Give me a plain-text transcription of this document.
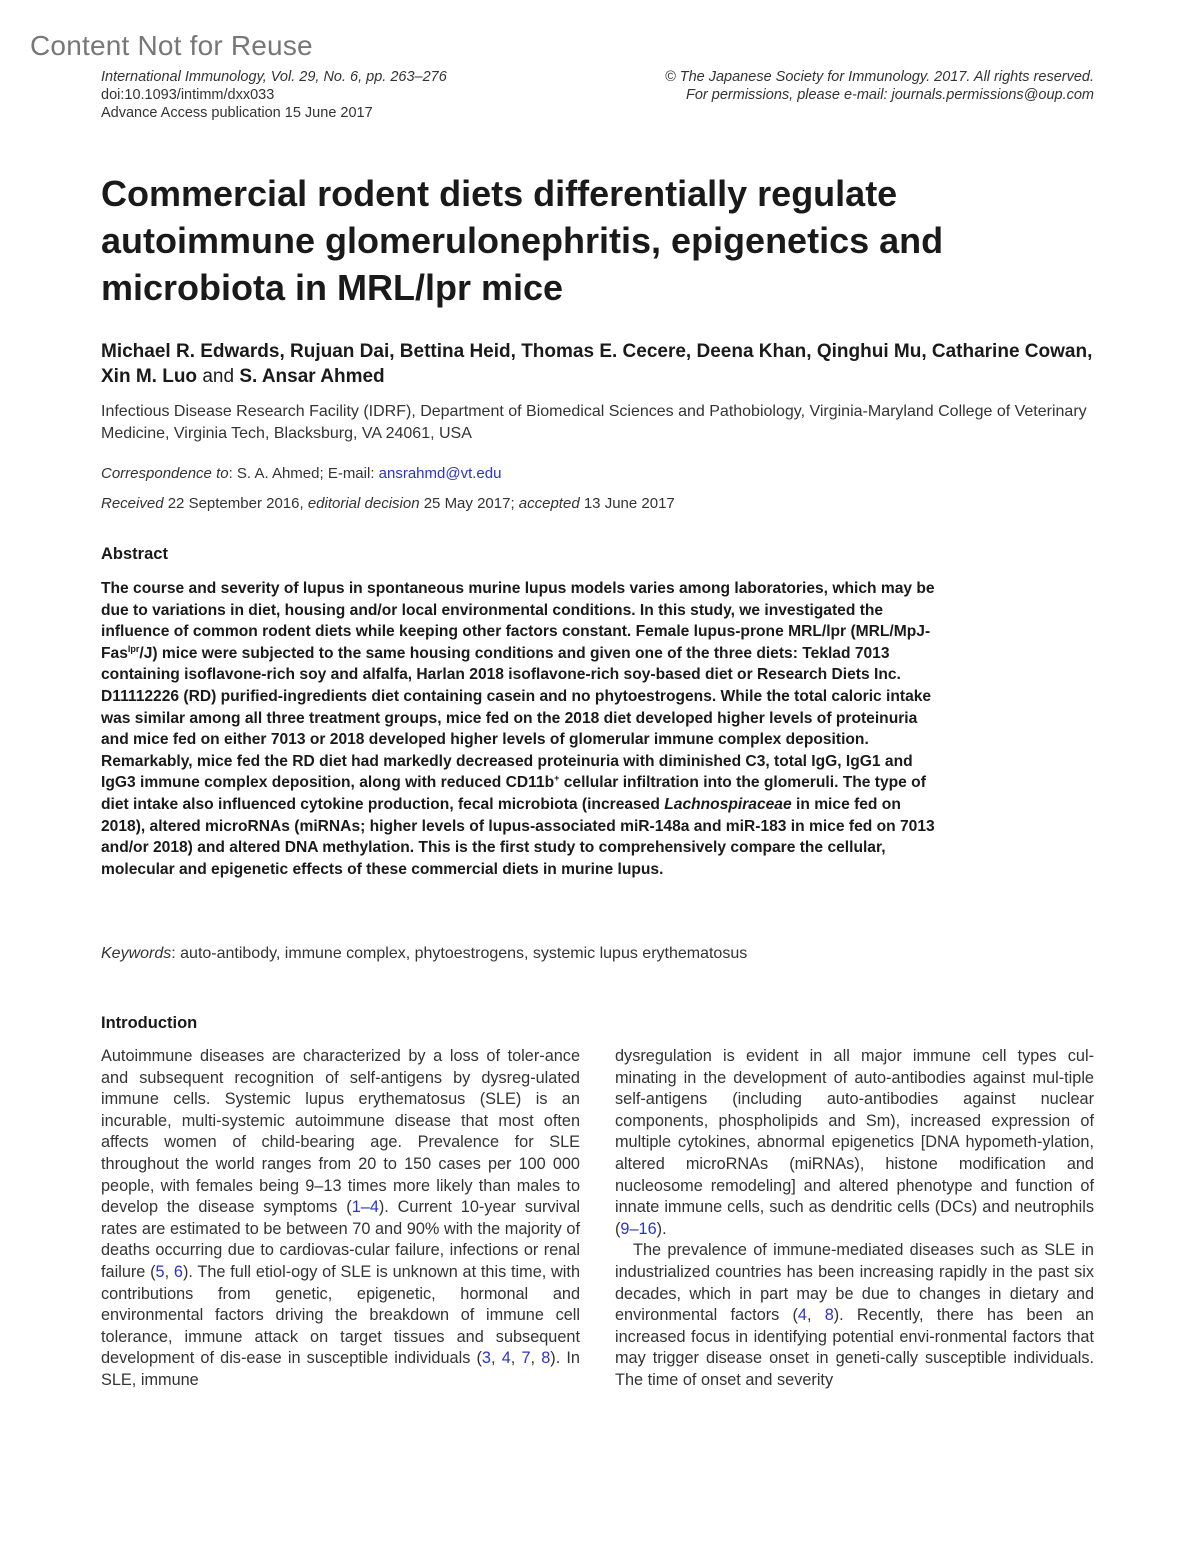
Content Not for Reuse
International Immunology, Vol. 29, No. 6, pp. 263–276
doi:10.1093/intimm/dxx033
Advance Access publication 15 June 2017
© The Japanese Society for Immunology. 2017. All rights reserved.
For permissions, please e-mail: journals.permissions@oup.com
Commercial rodent diets differentially regulate autoimmune glomerulonephritis, epigenetics and microbiota in MRL/lpr mice
Michael R. Edwards, Rujuan Dai, Bettina Heid, Thomas E. Cecere, Deena Khan, Qinghui Mu, Catharine Cowan, Xin M. Luo and S. Ansar Ahmed
Infectious Disease Research Facility (IDRF), Department of Biomedical Sciences and Pathobiology, Virginia-Maryland College of Veterinary Medicine, Virginia Tech, Blacksburg, VA 24061, USA
Correspondence to: S. A. Ahmed; E-mail: ansrahmd@vt.edu
Received 22 September 2016, editorial decision 25 May 2017; accepted 13 June 2017
Abstract
The course and severity of lupus in spontaneous murine lupus models varies among laboratories, which may be due to variations in diet, housing and/or local environmental conditions. In this study, we investigated the influence of common rodent diets while keeping other factors constant. Female lupus-prone MRL/lpr (MRL/MpJ-Fas$^{lpr}$/J) mice were subjected to the same housing conditions and given one of the three diets: Teklad 7013 containing isoflavone-rich soy and alfalfa, Harlan 2018 isoflavone-rich soy-based diet or Research Diets Inc. D11112226 (RD) purified-ingredients diet containing casein and no phytoestrogens. While the total caloric intake was similar among all three treatment groups, mice fed on the 2018 diet developed higher levels of proteinuria and mice fed on either 7013 or 2018 developed higher levels of glomerular immune complex deposition. Remarkably, mice fed the RD diet had markedly decreased proteinuria with diminished C3, total IgG, IgG1 and IgG3 immune complex deposition, along with reduced CD11b+ cellular infiltration into the glomeruli. The type of diet intake also influenced cytokine production, fecal microbiota (increased Lachnospiraceae in mice fed on 2018), altered microRNAs (miRNAs; higher levels of lupus-associated miR-148a and miR-183 in mice fed on 7013 and/or 2018) and altered DNA methylation. This is the first study to comprehensively compare the cellular, molecular and epigenetic effects of these commercial diets in murine lupus.
Keywords: auto-antibody, immune complex, phytoestrogens, systemic lupus erythematosus
Introduction

Autoimmune diseases are characterized by a loss of toler-ance and subsequent recognition of self-antigens by dysreg-ulated immune cells. Systemic lupus erythematosus (SLE) is an incurable, multi-systemic autoimmune disease that most often affects women of child-bearing age. Prevalence for SLE throughout the world ranges from 20 to 150 cases per 100 000 people, with females being 9–13 times more likely than males to develop the disease symptoms (1–4). Current 10-year survival rates are estimated to be between 70 and 90% with the majority of deaths occurring due to cardiovas-cular failure, infections or renal failure (5, 6). The full etiol-ogy of SLE is unknown at this time, with contributions from genetic, epigenetic, hormonal and environmental factors driving the breakdown of immune cell tolerance, immune attack on target tissues and subsequent development of dis-ease in susceptible individuals (3, 4, 7, 8). In SLE, immune

dysregulation is evident in all major immune cell types cul-minating in the development of auto-antibodies against mul-tiple self-antigens (including auto-antibodies against nuclear components, phospholipids and Sm), increased expression of multiple cytokines, abnormal epigenetics [DNA hypometh-ylation, altered microRNAs (miRNAs), histone modification and nucleosome remodeling] and altered phenotype and function of innate immune cells, such as dendritic cells (DCs) and neutrophils (9–16).

The prevalence of immune-mediated diseases such as SLE in industrialized countries has been increasing rapidly in the past six decades, which in part may be due to changes in dietary and environmental factors (4, 8). Recently, there has been an increased focus in identifying potential envi-ronmental factors that may trigger disease onset in geneti-cally susceptible individuals. The time of onset and severity
